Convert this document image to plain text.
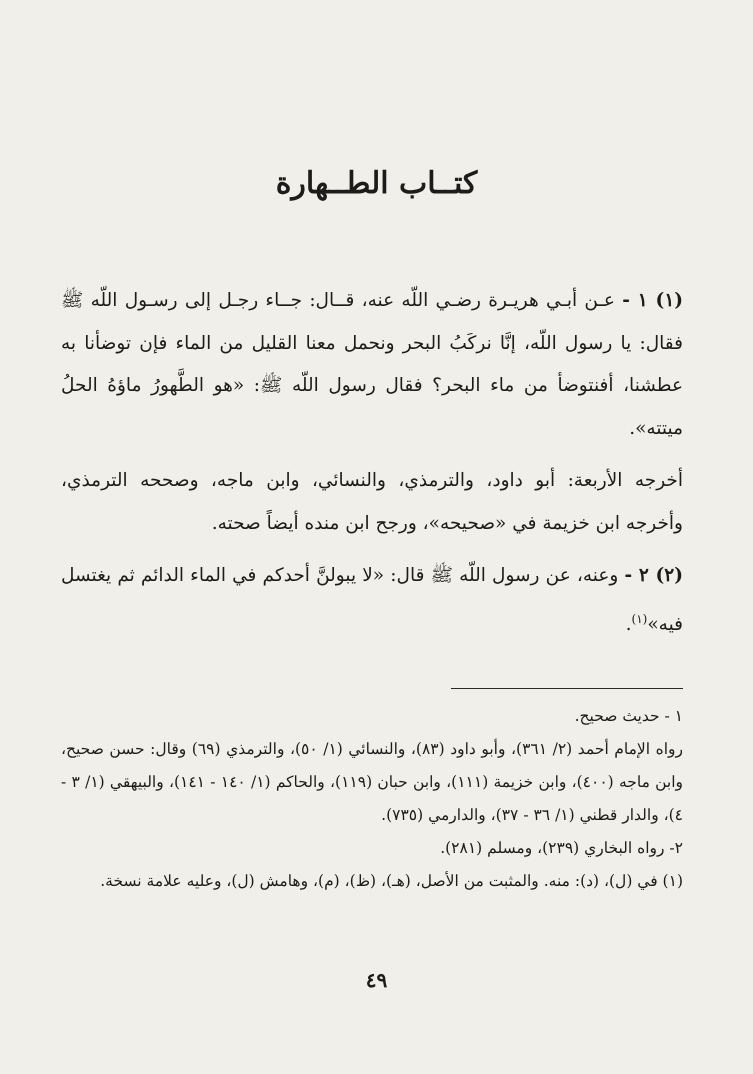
كتــاب الطــهارة

(١) ١ - عـن أبـي هريـرة رضـي اللّه عنه، قــال: جــاء رجـل إلى رسـول اللّه ﷺ فقال: يا رسول اللّه، إنَّا نركَبُ البحر ونحمل معنا القليل من الماء فإن توضأنا به عطشنا، أفنتوضأ من ماء البحر؟ فقال رسول اللّه ﷺ: «هو الطَّهورُ ماؤهُ الحلُ ميتته».

أخرجه الأربعة: أبو داود، والترمذي، والنسائي، وابن ماجه، وصححه الترمذي، وأخرجه ابن خزيمة في «صحيحه»، ورجح ابن منده أيضاً صحته.

(٢) ٢ - وعنه، عن رسول اللّه ﷺ قال: «لا يبولنَّ أحدكم في الماء الدائم ثم يغتسل فيه»$^{(١)}$.

١ - حديث صحيح.

رواه الإمام أحمد (٢/ ٣٦١)، وأبو داود (٨٣)، والنسائي (١/ ٥٠)، والترمذي (٦٩) وقال: حسن صحيح، وابن ماجه (٤٠٠)، وابن خزيمة (١١١)، وابن حبان (١١٩)، والحاكم (١/ ١٤٠ - ١٤١)، والبيهقي (١/ ٣ - ٤)، والدار قطني (١/ ٣٦ - ٣٧)، والدارمي (٧٣٥).

٢- رواه البخاري (٢٣٩)، ومسلم (٢٨١).

(١) في (ل)، (د): منه. والمثبت من الأصل، (هـ)، (ظ)، (م)، وهامش (ل)، وعليه علامة نسخة.

٤٩
